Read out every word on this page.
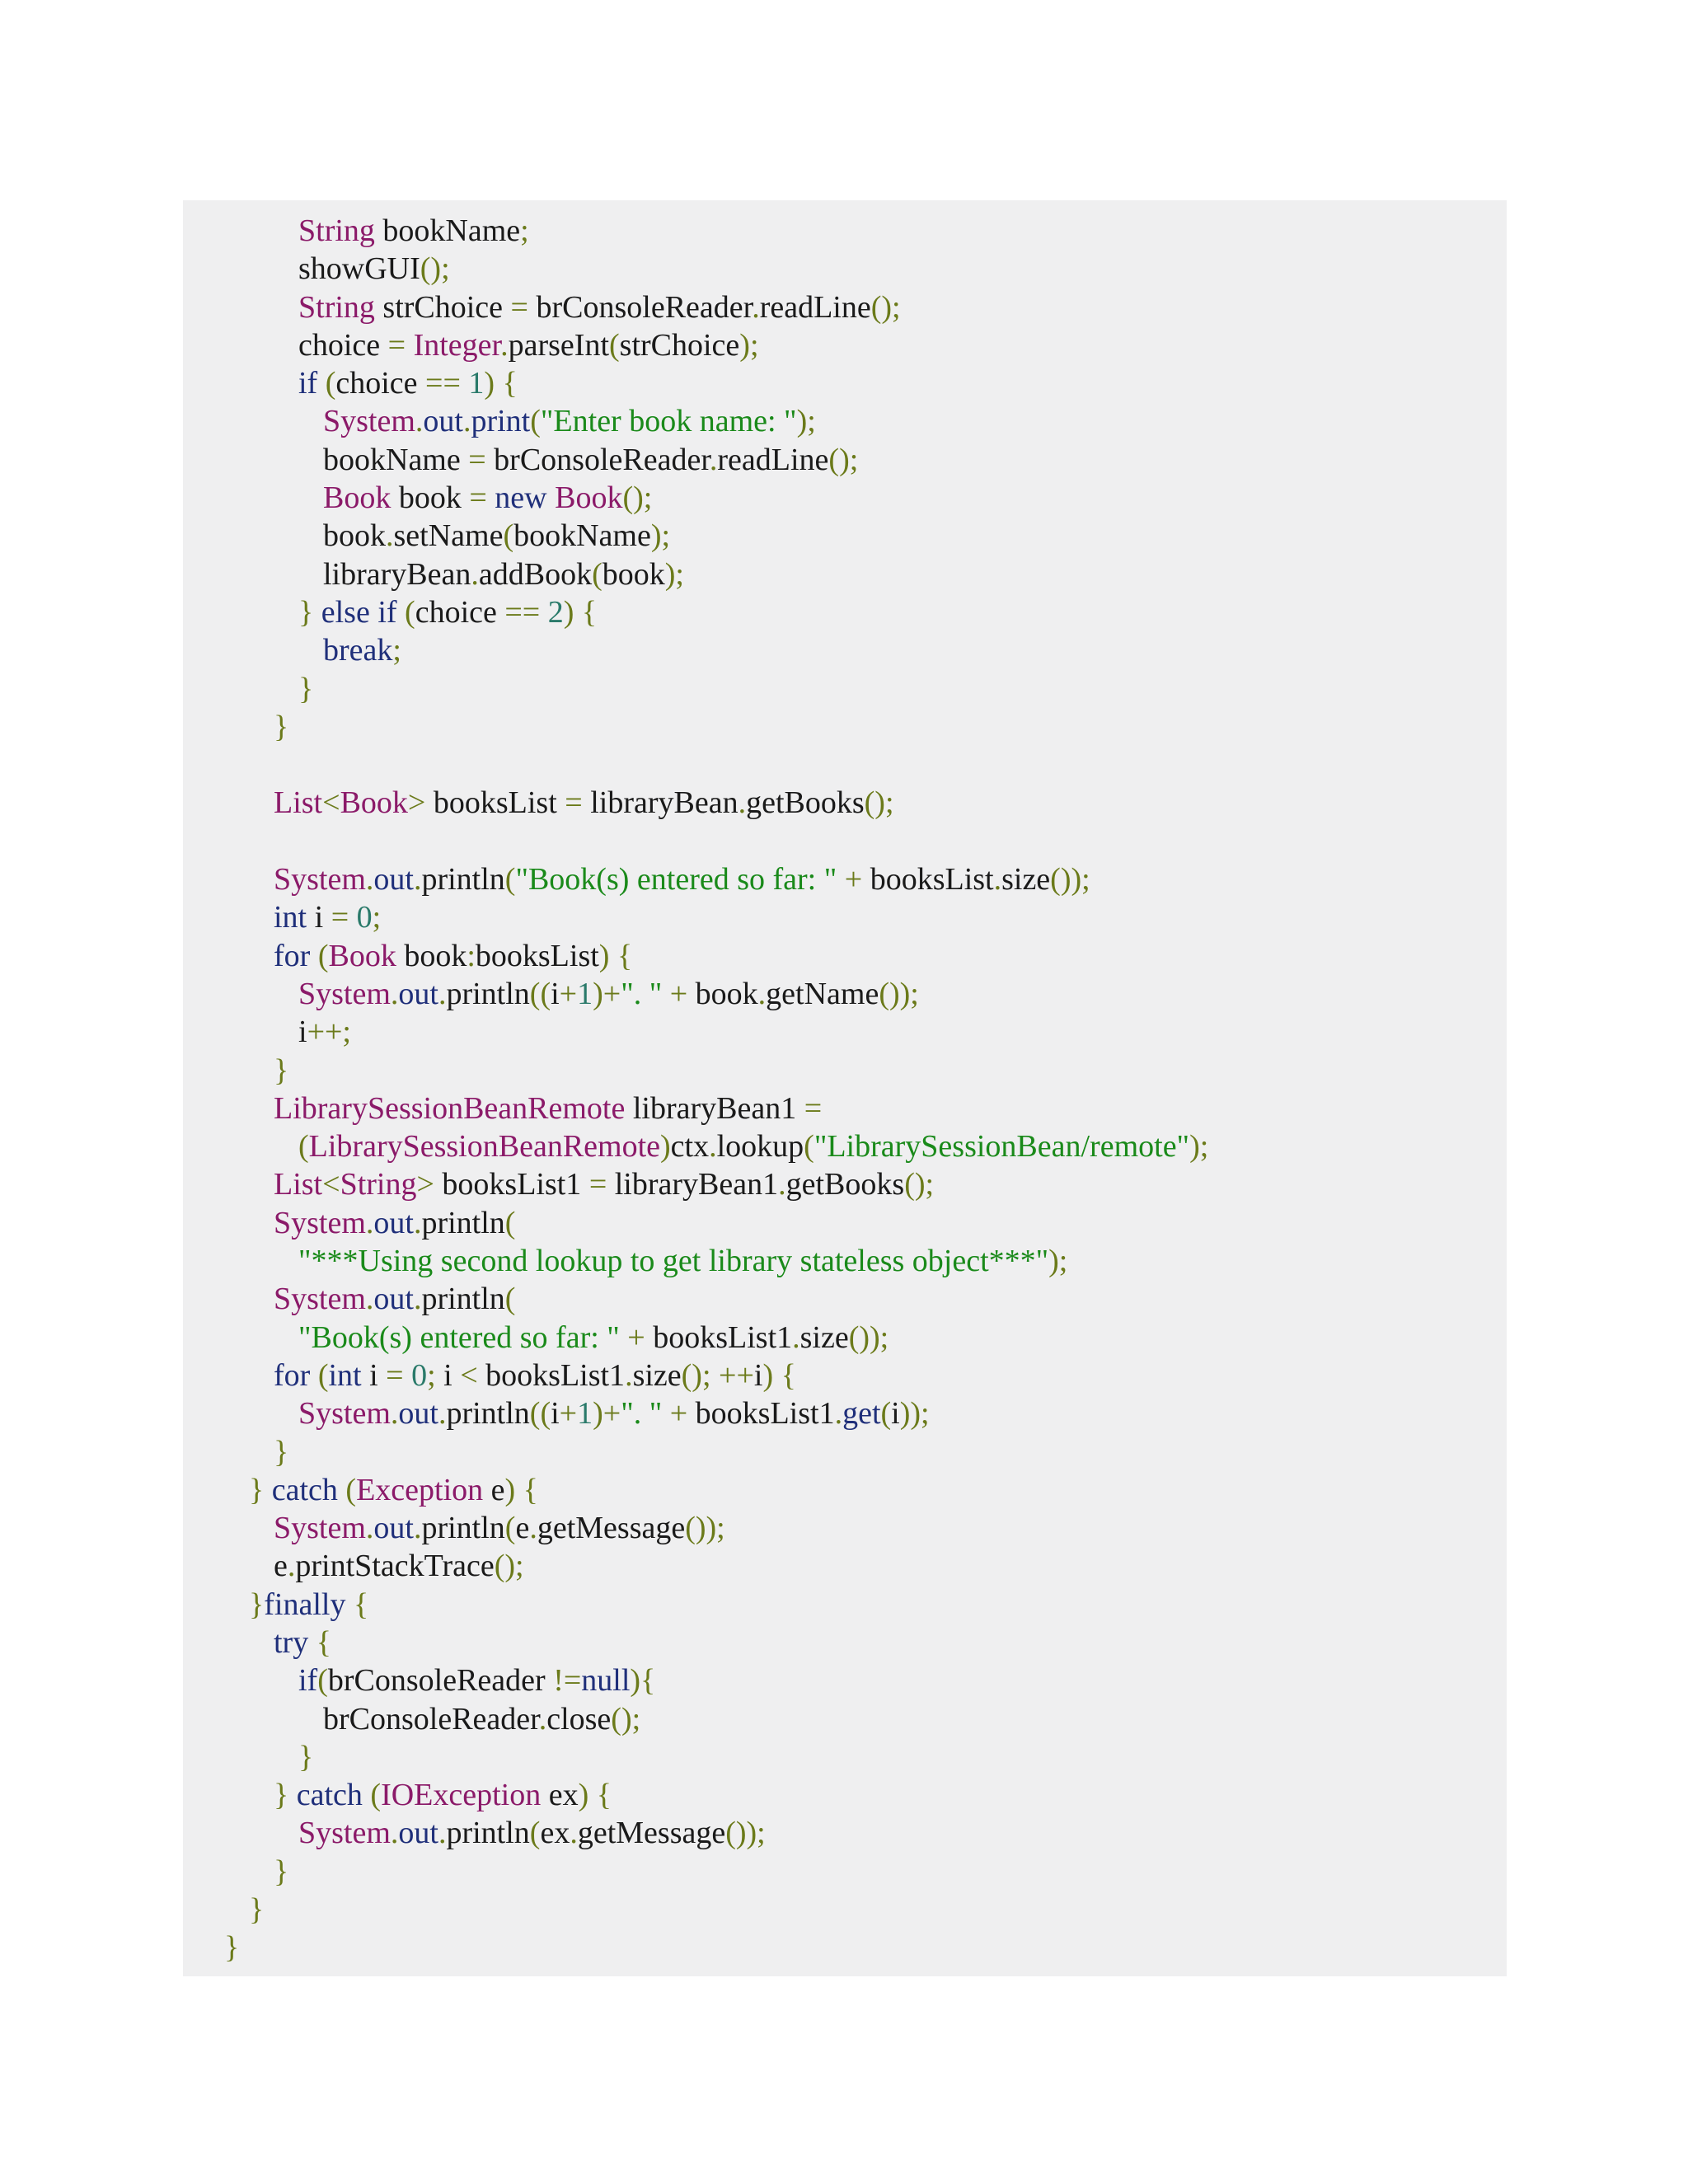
String bookName;
showGUI();
String strChoice = brConsoleReader.readLine();
choice = Integer.parseInt(strChoice);
if (choice == 1) {
System.out.print("Enter book name: ");
bookName = brConsoleReader.readLine();
Book book = new Book();
book.setName(bookName);
libraryBean.addBook(book);
} else if (choice == 2) {
break;
}
}
List<Book> booksList = libraryBean.getBooks();
System.out.println("Book(s) entered so far: " + booksList.size());
int i = 0;
for (Book book:booksList) {
System.out.println((i+1)+". " + book.getName());
i++;
}
LibrarySessionBeanRemote libraryBean1 =
(LibrarySessionBeanRemote)ctx.lookup("LibrarySessionBean/remote");
List<String> booksList1 = libraryBean1.getBooks();
System.out.println(
"***Using second lookup to get library stateless object***");
System.out.println(
"Book(s) entered so far: " + booksList1.size());
for (int i = 0; i < booksList1.size(); ++i) {
System.out.println((i+1)+". " + booksList1.get(i));
}
} catch (Exception e) {
System.out.println(e.getMessage());
e.printStackTrace();
}finally {
try {
if(brConsoleReader !=null){
brConsoleReader.close();
}
} catch (IOException ex) {
System.out.println(ex.getMessage());
}
}
}
